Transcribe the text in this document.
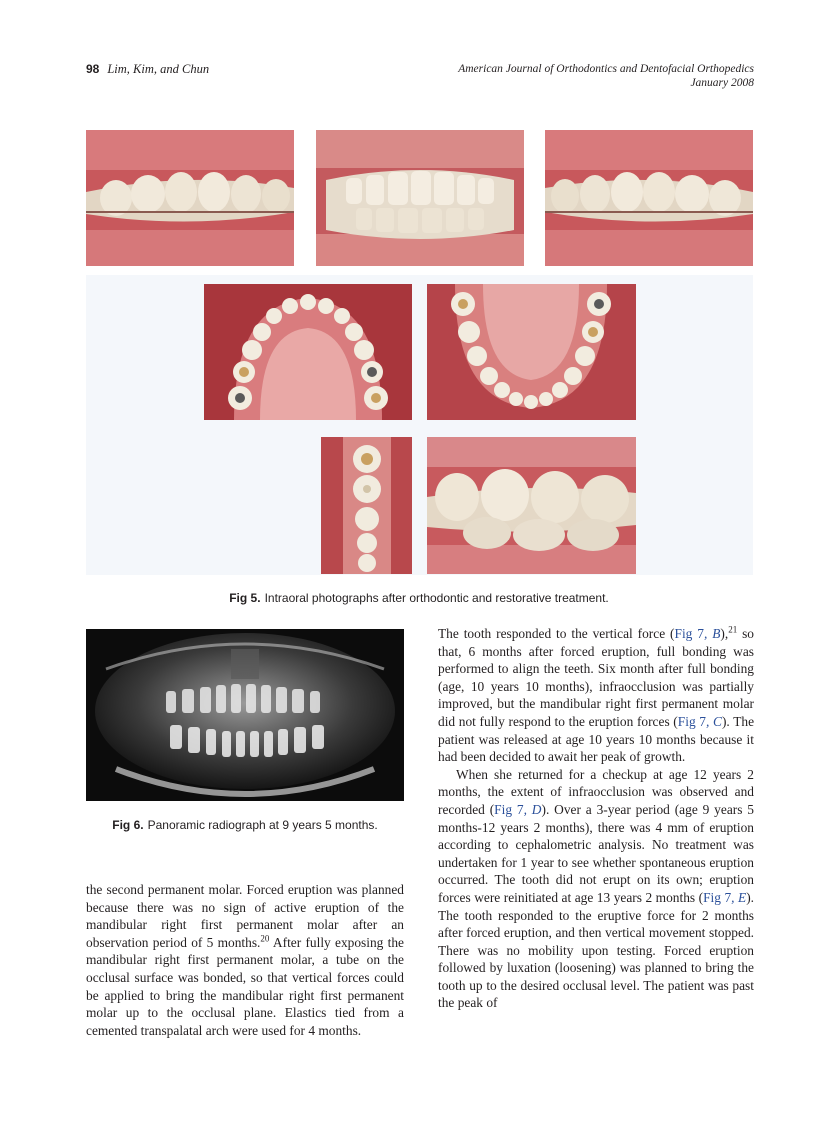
98 Lim, Kim, and Chun	American Journal of Orthodontics and Dentofacial Orthopedics
January 2008
Fig 5. Intraoral photographs after orthodontic and restorative treatment.
Fig 6. Panoramic radiograph at 9 years 5 months.

the second permanent molar. Forced eruption was planned because there was no sign of active eruption of the mandibular right first permanent molar after an observation period of 5 months.$^{20}$ After fully exposing the mandibular right first permanent molar, a tube on the occlusal surface was bonded, so that vertical forces could be applied to bring the mandibular right first permanent molar up to the occlusal plane. Elastics tied from a cemented transpalatal arch were used for 4 months.

The tooth responded to the vertical force (Fig 7, B),$^{21}$ so that, 6 months after forced eruption, full bonding was performed to align the teeth. Six month after full bonding (age, 10 years 10 months), infraocclusion was partially improved, but the mandibular right first permanent molar did not fully respond to the eruption forces (Fig 7, C). The patient was released at age 10 years 10 months because it had been decided to await her peak of growth.

When she returned for a checkup at age 12 years 2 months, the extent of infraocclusion was observed and recorded (Fig 7, D). Over a 3-year period (age 9 years 5 months-12 years 2 months), there was 4 mm of eruption according to cephalometric analysis. No treatment was undertaken for 1 year to see whether spontaneous eruption occurred. The tooth did not erupt on its own; eruption forces were reinitiated at age 13 years 2 months (Fig 7, E). The tooth responded to the eruptive force for 2 months after forced eruption, and then vertical movement stopped. There was no mobility upon testing. Forced eruption followed by luxation (loosening) was planned to bring the tooth up to the desired occlusal level. The patient was past the peak of
